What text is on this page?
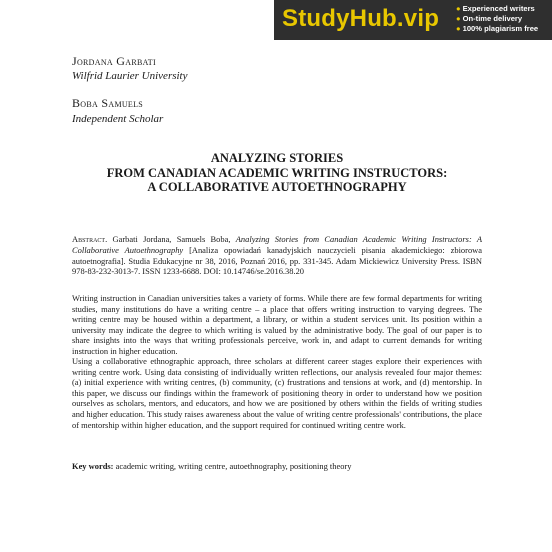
StudyHub.vip ● Experienced writers
● On-time delivery
● 100% plagiarism free
Jordana Garbati
Wilfrid Laurier University
Boba Samuels
Independent Scholar
ANALYZING STORIES
FROM CANADIAN ACADEMIC WRITING INSTRUCTORS:
A COLLABORATIVE AUTOETHNOGRAPHY
Abstract. Garbati Jordana, Samuels Boba, Analyzing Stories from Canadian Academic Writing Instructors: A Collaborative Autoethnography [Analiza opowiadań kanadyjskich nauczycieli pisania akademickiego: zbiorowa autoetnografia]. Studia Edukacyjne nr 38, 2016, Poznań 2016, pp. 331-345. Adam Mickiewicz University Press. ISBN 978-83-232-3013-7. ISSN 1233-6688. DOI: 10.14746/se.2016.38.20

Writing instruction in Canadian universities takes a variety of forms. While there are few formal departments for writing studies, many institutions do have a writing centre – a place that offers writing instruction to varying degrees. The writing centre may be housed within a department, a library, or within a student services unit. Its position within a university may indicate the degree to which writing is valued by the administrative body. The goal of our paper is to share insights into the ways that writing professionals perceive, work in, and adapt to current demands for writing instruction in higher education.

Using a collaborative ethnographic approach, three scholars at different career stages explore their experiences with writing centre work. Using data consisting of individually written reflections, our analysis revealed four major themes: (a) initial experience with writing centres, (b) community, (c) frustrations and tensions at work, and (d) mentorship. In this paper, we discuss our findings within the framework of positioning theory in order to understand how we position ourselves as scholars, mentors, and educators, and how we are positioned by others within the fields of writing studies and higher education. This study raises awareness about the value of writing centre professionals' contributions, the place of mentorship within higher education, and the support required for continued writing centre work.

Key words: academic writing, writing centre, autoethnography, positioning theory
